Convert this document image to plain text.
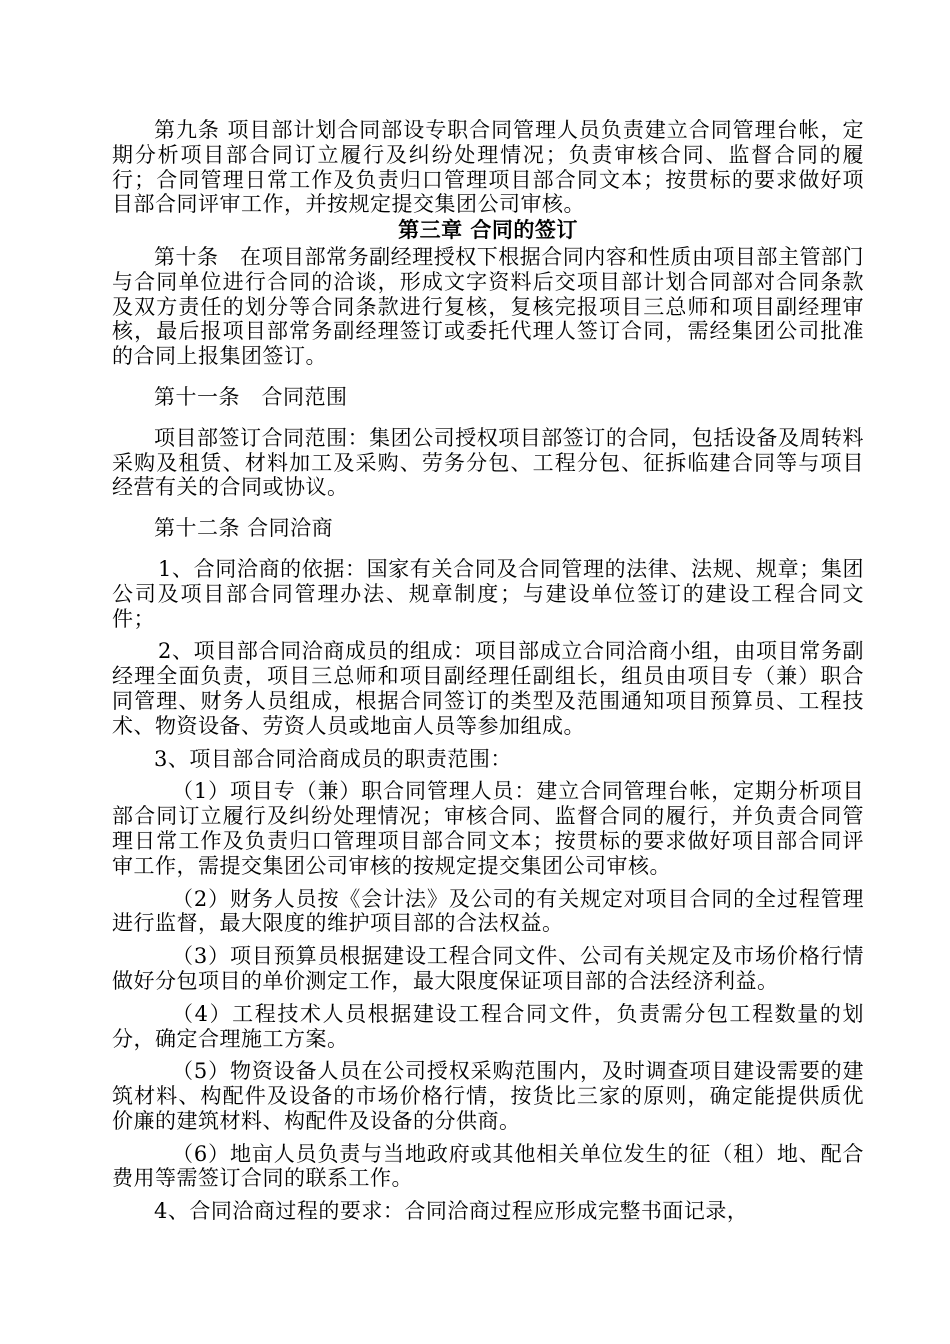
第九条 项目部计划合同部设专职合同管理人员负责建立合同管理台帐，定期分析项目部合同订立履行及纠纷处理情况；负责审核合同、监督合同的履行；合同管理日常工作及负责归口管理项目部合同文本；按贯标的要求做好项目部合同评审工作，并按规定提交集团公司审核。

第三章 合同的签订

第十条　在项目部常务副经理授权下根据合同内容和性质由项目部主管部门与合同单位进行合同的洽谈，形成文字资料后交项目部计划合同部对合同条款及双方责任的划分等合同条款进行复核，复核完报项目三总师和项目副经理审核，最后报项目部常务副经理签订或委托代理人签订合同，需经集团公司批准的合同上报集团签订。

第十一条　合同范围

项目部签订合同范围：集团公司授权项目部签订的合同，包括设备及周转料采购及租赁、材料加工及采购、劳务分包、工程分包、征拆临建合同等与项目经营有关的合同或协议。

第十二条 合同洽商

1、合同洽商的依据：国家有关合同及合同管理的法律、法规、规章；集团公司及项目部合同管理办法、规章制度；与建设单位签订的建设工程合同文件；

2、项目部合同洽商成员的组成：项目部成立合同洽商小组，由项目常务副经理全面负责，项目三总师和项目副经理任副组长，组员由项目专（兼）职合同管理、财务人员组成，根据合同签订的类型及范围通知项目预算员、工程技术、物资设备、劳资人员或地亩人员等参加组成。

3、项目部合同洽商成员的职责范围：

（1）项目专（兼）职合同管理人员：建立合同管理台帐，定期分析项目部合同订立履行及纠纷处理情况；审核合同、监督合同的履行，并负责合同管理日常工作及负责归口管理项目部合同文本；按贯标的要求做好项目部合同评审工作，需提交集团公司审核的按规定提交集团公司审核。

（2）财务人员按《会计法》及公司的有关规定对项目合同的全过程管理进行监督，最大限度的维护项目部的合法权益。

（3）项目预算员根据建设工程合同文件、公司有关规定及市场价格行情做好分包项目的单价测定工作，最大限度保证项目部的合法经济利益。

（4）工程技术人员根据建设工程合同文件，负责需分包工程数量的划分，确定合理施工方案。

（5）物资设备人员在公司授权采购范围内，及时调查项目建设需要的建筑材料、构配件及设备的市场价格行情，按货比三家的原则，确定能提供质优价廉的建筑材料、构配件及设备的分供商。

（6）地亩人员负责与当地政府或其他相关单位发生的征（租）地、配合费用等需签订合同的联系工作。

4、合同洽商过程的要求：合同洽商过程应形成完整书面记录，
